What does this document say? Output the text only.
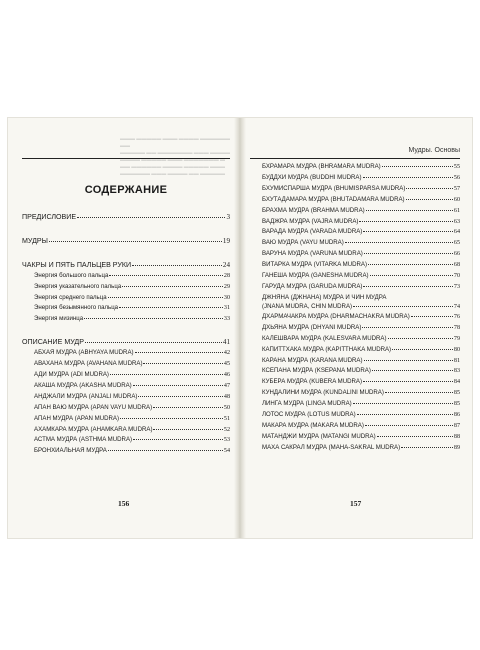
▬▬▬ ▬▬▬▬▬ ▬▬▬ ▬▬▬▬ ▬▬▬▬▬▬ ▬▬
▬▬▬▬▬ ▬▬ ▬▬▬▬▬▬▬ ▬▬▬ ▬▬▬▬
▬▬▬▬ ▬▬▬▬▬ ▬▬▬ ▬▬▬▬▬▬▬ ▬
▬▬ ▬▬▬▬▬▬ ▬▬▬▬ ▬▬▬▬▬ ▬▬▬
▬▬▬▬▬▬ ▬▬▬ ▬▬▬▬ ▬▬ ▬▬▬▬▬
СОДЕРЖАНИЕ
ПРЕДИСЛОВИЕ	3
МУДРЫ	19
ЧАКРЫ И ПЯТЬ ПАЛЬЦЕВ РУКИ	24
Энергия большого пальца	28
Энергия указательного пальца	29
Энергия среднего пальца	30
Энергия безымянного пальца	31
Энергия мизинца	33
ОПИСАНИЕ МУДР	41
АБХАЯ МУДРА (ABHYAYA MUDRA)	42
АВАХАНА МУДРА (AVAHANA MUDRA)	45
АДИ МУДРА (ADI MUDRA)	46
АКАША МУДРА (AKASHA MUDRA)	47
АНДЖАЛИ МУДРА (ANJALI MUDRA)	48
АПАН ВАЮ МУДРА (APAN VAYU MUDRA)	50
АПАН МУДРА (APAN MUDRA)	51
АХАМКАРА МУДРА (AHAMKARA MUDRA)	52
АСТМА МУДРА (ASTHMA MUDRA)	53
БРОНХИАЛЬНАЯ МУДРА	54
156
Мудры. Основы
БХРАМАРА МУДРА (BHRAMARA MUDRA)	55
БУДДХИ МУДРА (BUDDHI MUDRA)	56
БХУМИСПАРША МУДРА (BHUMISPARSA MUDRA)	57
БХУТАДАМАРА МУДРА (BHUTADAMARA MUDRA)	60
БРАХМА МУДРА (BRAHMA MUDRA)	61
ВАДЖРА МУДРА (VAJRA MUDRA)	63
ВАРАДА МУДРА (VARADA MUDRA)	64
ВАЮ МУДРА (VAYU MUDRA)	65
ВАРУНА МУДРА (VARUNA MUDRA)	66
ВИТАРКА МУДРА (VITARKA MUDRA)	68
ГАНЕША МУДРА (GANESHA MUDRA)	70
ГАРУДА МУДРА (GARUDA MUDRA)	73
ДЖНЯНА (ДЖНАНА) МУДРА И ЧИН МУДРА
(JNANA MUDRA, CHIN MUDRA)	74
ДХАРМАЧАКРА МУДРА (DHARMACHAKRA MUDRA)	76
ДХЬЯНА МУДРА (DHYANI MUDRA)	78
КАЛЕШВАРА МУДРА (KALESVARA MUDRA)	79
КАПИТТХАКА МУДРА (KAPITTHAKA MUDRA)	80
КАРАНА МУДРА (KARANA MUDRA)	81
КСЕПАНА МУДРА (KSEPANA MUDRA)	83
КУБЕРА МУДРА (KUBERA MUDRA)	84
КУНДАЛИНИ МУДРА (KUNDALINI MUDRA)	85
ЛИНГА МУДРА (LINGA MUDRA)	85
ЛОТОС МУДРА (LOTUS MUDRA)	86
МАКАРА МУДРА (MAKARA MUDRA)	87
МАТАНДЖИ МУДРА (MATANGI MUDRA)	88
МАХА САКРАЛ МУДРА (MAHA-SAKRAL MUDRA)	89
157
